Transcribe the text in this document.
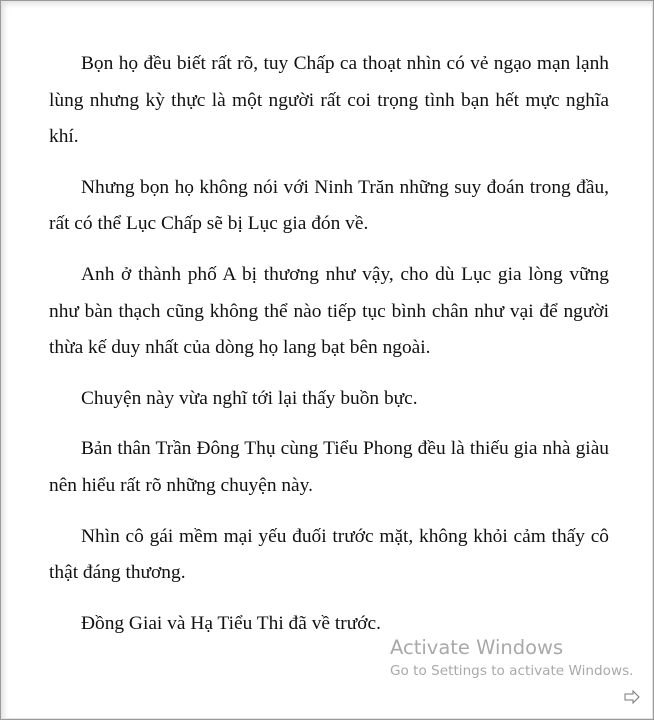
Bọn họ đều biết rất rõ, tuy Chấp ca thoạt nhìn có vẻ ngạo mạn lạnh lùng nhưng kỳ thực là một người rất coi trọng tình bạn hết mực nghĩa khí.

Nhưng bọn họ không nói với Ninh Trăn những suy đoán trong đầu, rất có thể Lục Chấp sẽ bị Lục gia đón về.

Anh ở thành phố A bị thương như vậy, cho dù Lục gia lòng vững như bàn thạch cũng không thể nào tiếp tục bình chân như vại để người thừa kế duy nhất của dòng họ lang bạt bên ngoài.

Chuyện này vừa nghĩ tới lại thấy buồn bực.

Bản thân Trần Đông Thụ cùng Tiểu Phong đều là thiếu gia nhà giàu nên hiểu rất rõ những chuyện này.

Nhìn cô gái mềm mại yếu đuối trước mặt, không khỏi cảm thấy cô thật đáng thương.

Đồng Giai và Hạ Tiểu Thi đã về trước.

Activate Windows
Go to Settings to activate Windows.
